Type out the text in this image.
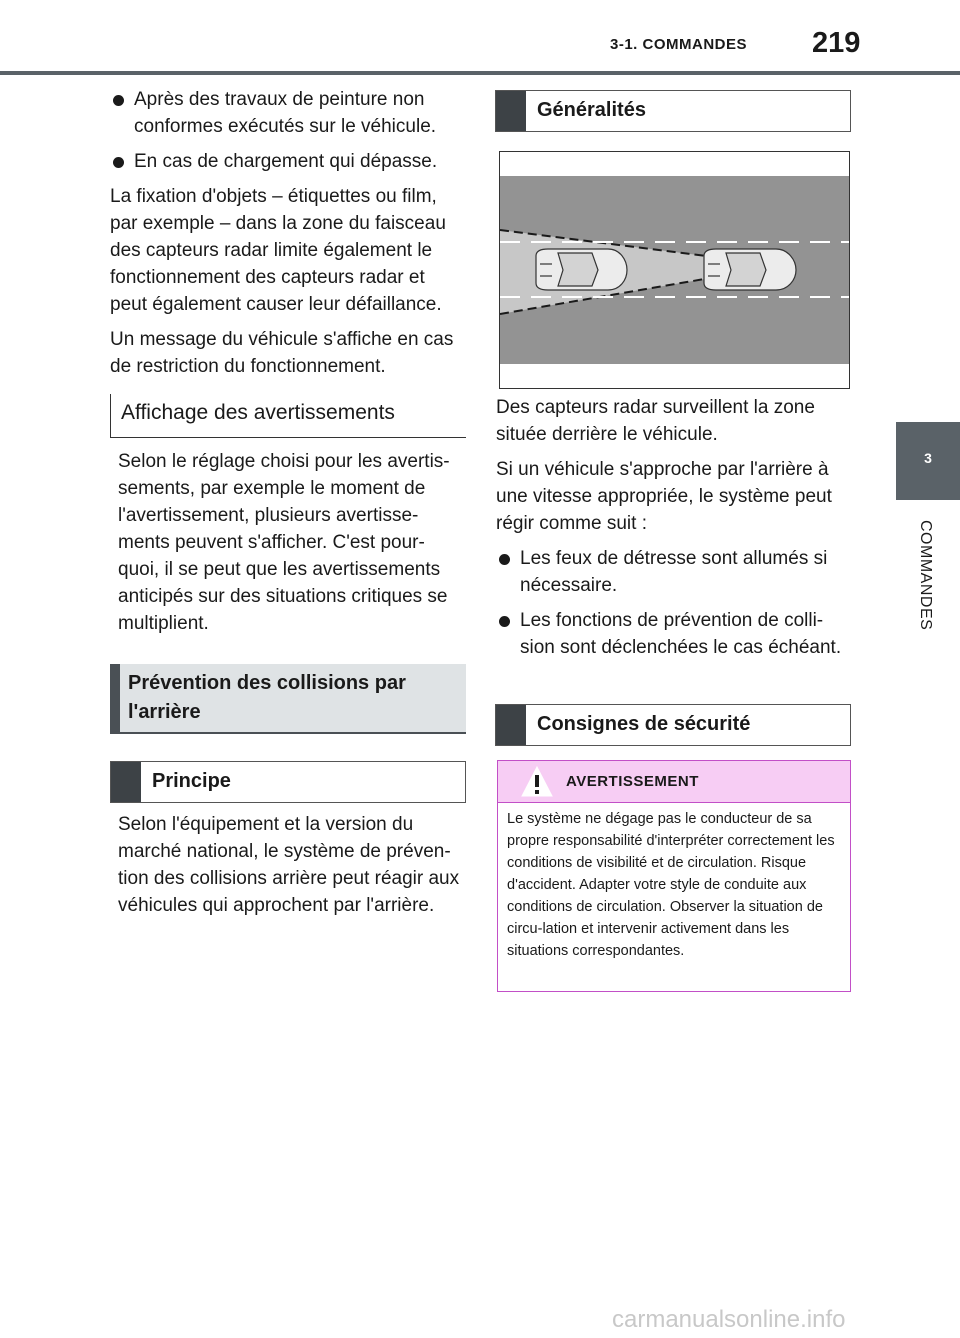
3-1. COMMANDES 219
3
COMMANDES
Après des travaux de peinture non conformes exécutés sur le véhicule.
En cas de chargement qui dépasse.

La fixation d'objets – étiquettes ou film, par exemple – dans la zone du faisceau des capteurs radar limite également le fonctionnement des capteurs radar et peut également causer leur défaillance.

Un message du véhicule s'affiche en cas de restriction du fonctionnement.

Affichage des avertissements
Selon le réglage choisi pour les avertis-sements, par exemple le moment de l'avertissement, plusieurs avertisse-ments peuvent s'afficher. C'est pour-quoi, il se peut que les avertissements anticipés sur des situations critiques se multiplient.
Prévention des collisions par
l'arrière
Principe
Selon l'équipement et la version du marché national, le système de préven-tion des collisions arrière peut réagir aux véhicules qui approchent par l'arrière.
Généralités

Des capteurs radar surveillent la zone située derrière le véhicule.

Si un véhicule s'approche par l'arrière à une vitesse appropriée, le système peut régir comme suit :

Les feux de détresse sont allumés si nécessaire.
Les fonctions de prévention de colli-sion sont déclenchées le cas échéant.
Consignes de sécurité
AVERTISSEMENT
Le système ne dégage pas le conducteur de sa propre responsabilité d'interpréter correctement les conditions de visibilité et de circulation. Risque d'accident. Adapter votre style de conduite aux conditions de circulation. Observer la situation de circu-lation et intervenir activement dans les situations correspondantes.
carmanualsonline.info
